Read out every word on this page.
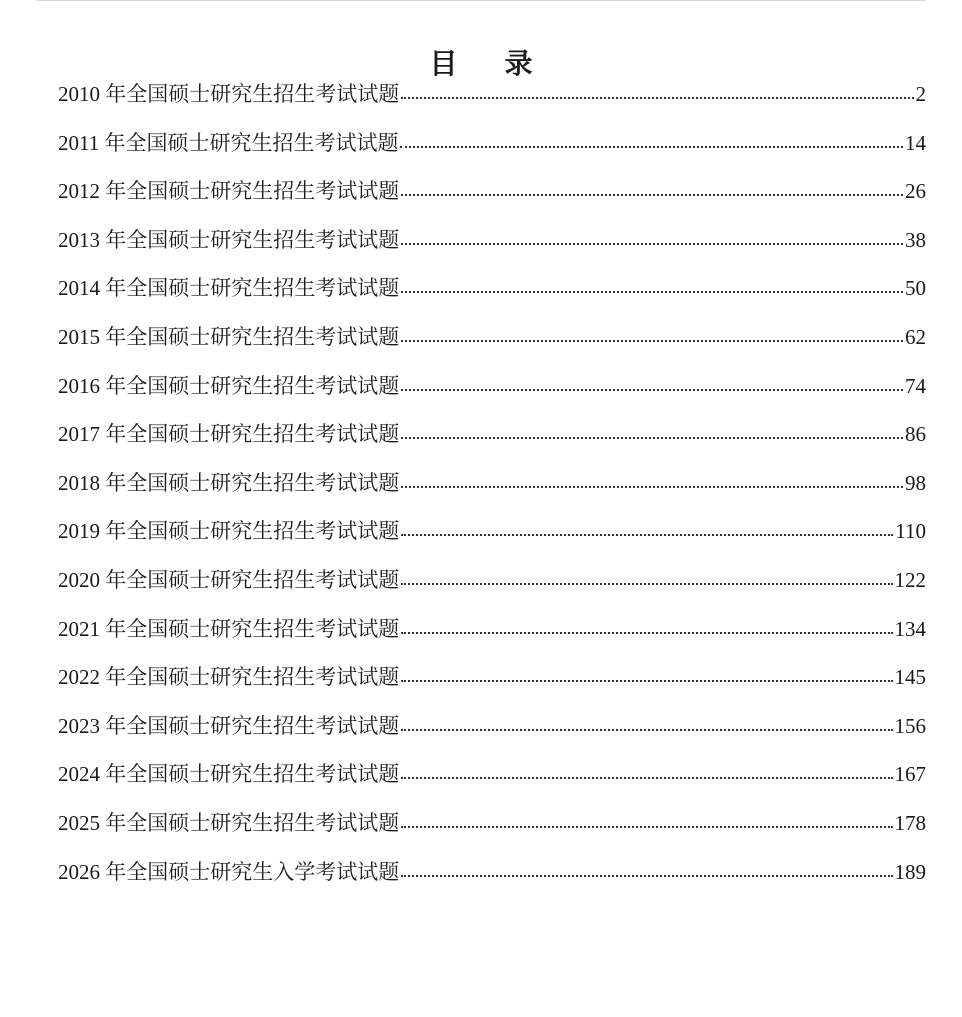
目 录
2010 年全国硕士研究生招生考试试题	2
2011 年全国硕士研究生招生考试试题	14
2012 年全国硕士研究生招生考试试题	26
2013 年全国硕士研究生招生考试试题	38
2014 年全国硕士研究生招生考试试题	50
2015 年全国硕士研究生招生考试试题	62
2016 年全国硕士研究生招生考试试题	74
2017 年全国硕士研究生招生考试试题	86
2018 年全国硕士研究生招生考试试题	98
2019 年全国硕士研究生招生考试试题	110
2020 年全国硕士研究生招生考试试题	122
2021 年全国硕士研究生招生考试试题	134
2022 年全国硕士研究生招生考试试题	145
2023 年全国硕士研究生招生考试试题	156
2024 年全国硕士研究生招生考试试题	167
2025 年全国硕士研究生招生考试试题	178
2026 年全国硕士研究生入学考试试题	189
